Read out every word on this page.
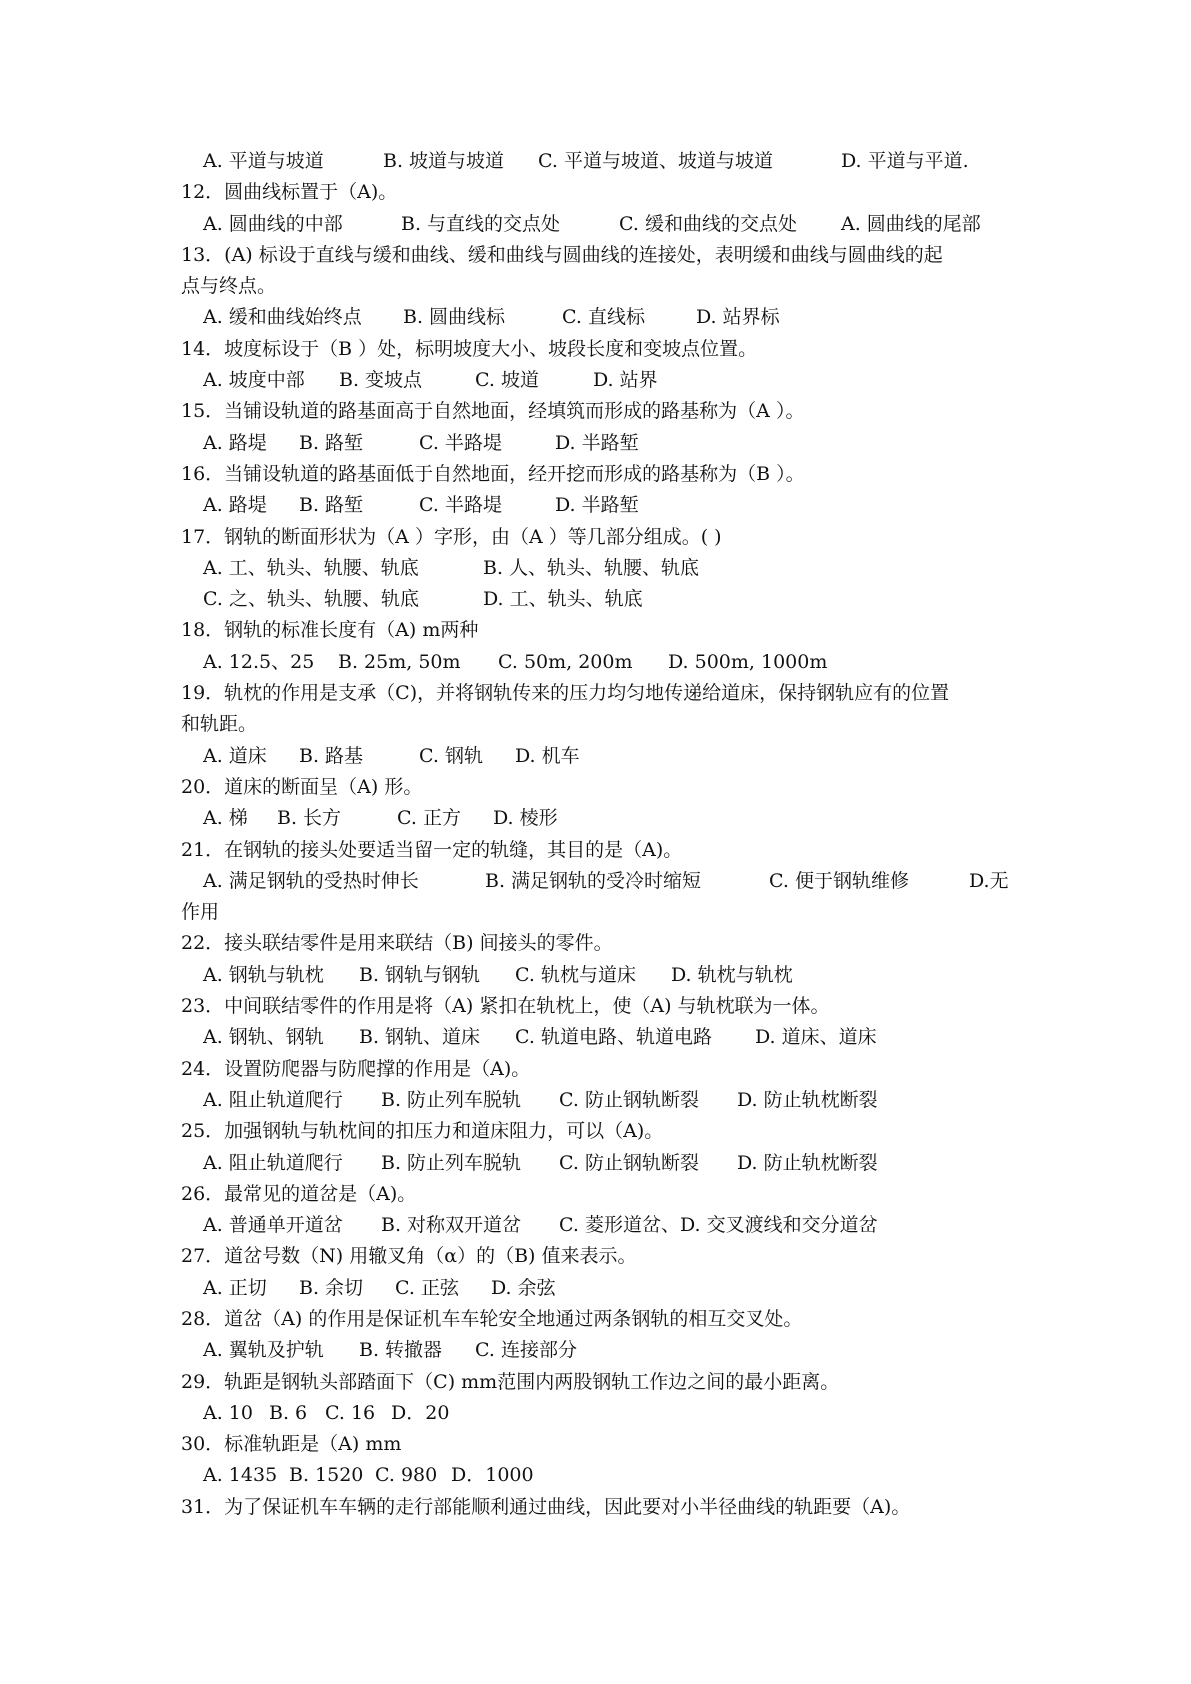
A. 平道与坡道	B. 坡道与坡道 C. 平道与坡道、坡道与坡道	D. 平道与平道.
12．圆曲线标置于（A)。
A. 圆曲线的中部	B. 与直线的交点处	C. 缓和曲线的交点处 A. 圆曲线的尾部
13．(A) 标设于直线与缓和曲线、缓和曲线与圆曲线的连接处，表明缓和曲线与圆曲线的起
点与终点。
A. 缓和曲线始终点 B. 圆曲线标	C. 直线标	D. 站界标
14．坡度标设于（B ）处，标明坡度大小、坡段长度和变坡点位置。
A. 坡度中部 B. 变坡点	C. 坡道	D. 站界
15．当铺设轨道的路基面高于自然地面，经填筑而形成的路基称为（A ）。
A. 路堤 B. 路堑	C. 半路堤	D. 半路堑
16．当铺设轨道的路基面低于自然地面，经开挖而形成的路基称为（B ）。
A. 路堤 B. 路堑	C. 半路堤	D. 半路堑
17．钢轨的断面形状为（A ）字形，由（A ）等几部分组成。( )
A. 工、轨头、轨腰、轨底	B. 人、轨头、轨腰、轨底
C. 之、轨头、轨腰、轨底	D. 工、轨头、轨底
18．钢轨的标准长度有（A) m两种
A. 12.5、25 B. 25m, 50m C. 50m, 200m D. 500m, 1000m
19．轨枕的作用是支承（C)，并将钢轨传来的压力均匀地传递给道床，保持钢轨应有的位置
和轨距。
A. 道床 B. 路基	C. 钢轨 D. 机车
20．道床的断面呈（A) 形。
A. 梯 B. 长方	C. 正方 D. 棱形
21．在钢轨的接头处要适当留一定的轨缝，其目的是（A)。
A. 满足钢轨的受热时伸长	B. 满足钢轨的受冷时缩短	C. 便于钢轨维修	D.无
作用
22．接头联结零件是用来联结（B) 间接头的零件。
A. 钢轨与轨枕 B. 钢轨与钢轨 C. 轨枕与道床 D. 轨枕与轨枕
23．中间联结零件的作用是将（A) 紧扣在轨枕上，使（A) 与轨枕联为一体。
A. 钢轨、钢轨 B. 钢轨、道床 C. 轨道电路、轨道电路 D. 道床、道床
24．设置防爬器与防爬撑的作用是（A)。
A. 阻止轨道爬行 B. 防止列车脱轨 C. 防止钢轨断裂 D. 防止轨枕断裂
25．加强钢轨与轨枕间的扣压力和道床阻力，可以（A)。
A. 阻止轨道爬行 B. 防止列车脱轨 C. 防止钢轨断裂 D. 防止轨枕断裂
26．最常见的道岔是（A)。
A. 普通单开道岔 B. 对称双开道岔 C. 菱形道岔、D. 交叉渡线和交分道岔
27．道岔号数（N) 用辙叉角（α）的（B) 值来表示。
A. 正切 B. 余切 C. 正弦 D. 余弦
28．道岔（A) 的作用是保证机车车轮安全地通过两条钢轨的相互交叉处。
A. 翼轨及护轨 B. 转撤器 C. 连接部分
29．轨距是钢轨头部踏面下（C) mm范围内两股钢轨工作边之间的最小距离。
A. 10 B. 6 C. 16 D．20
30．标准轨距是（A) mm
A. 1435 B. 1520 C. 980 D．1000
31．为了保证机车车辆的走行部能顺利通过曲线，因此要对小半径曲线的轨距要（A)。
